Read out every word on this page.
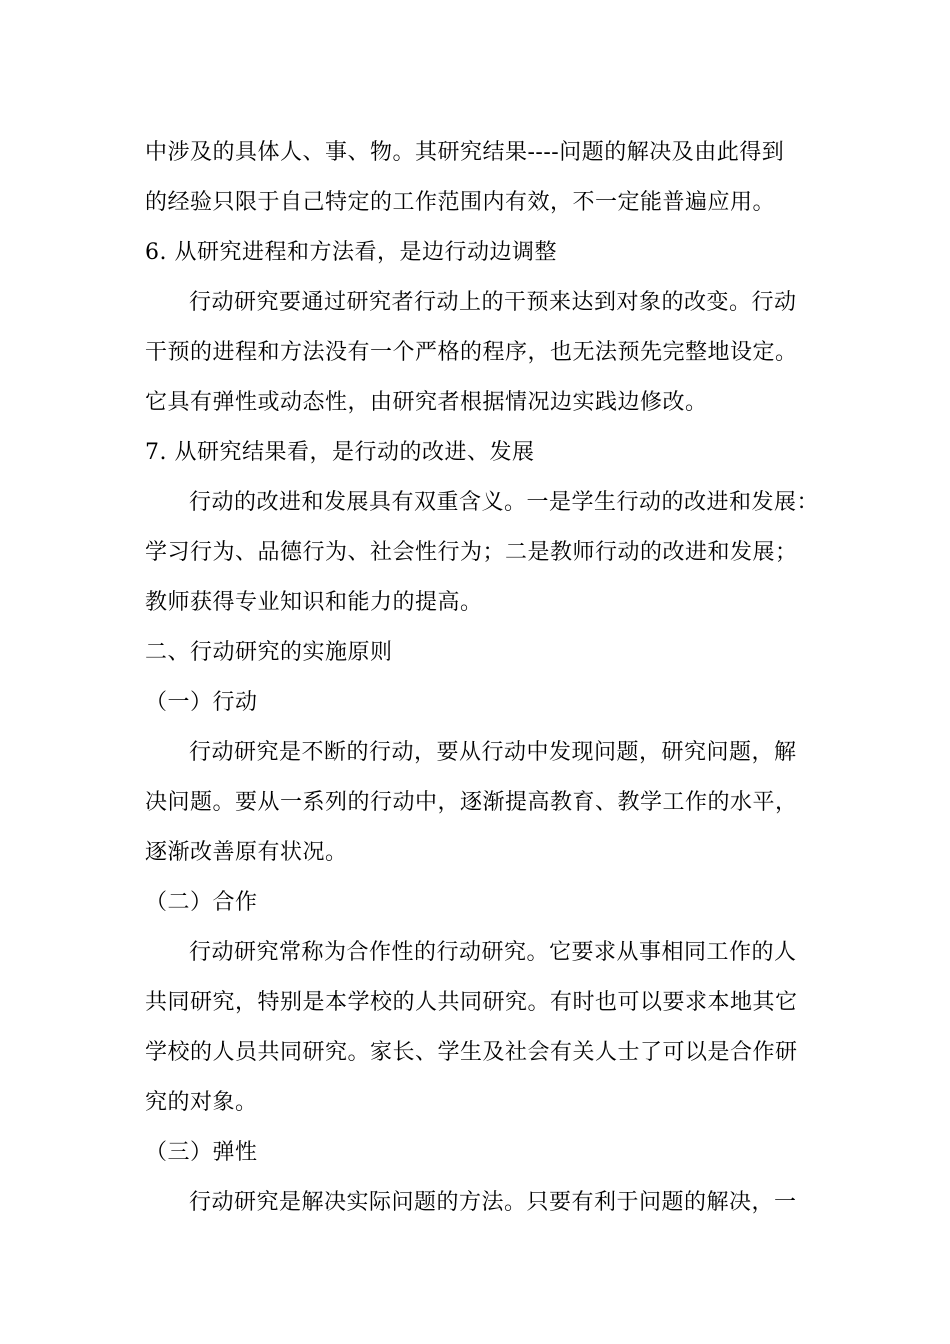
中涉及的具体人、事、物。其研究结果----问题的解决及由此得到
的经验只限于自己特定的工作范围内有效，不一定能普遍应用。
6. 从研究进程和方法看，是边行动边调整
行动研究要通过研究者行动上的干预来达到对象的改变。行动
干预的进程和方法没有一个严格的程序，也无法预先完整地设定。
它具有弹性或动态性，由研究者根据情况边实践边修改。
7. 从研究结果看，是行动的改进、发展
行动的改进和发展具有双重含义。一是学生行动的改进和发展：
学习行为、品德行为、社会性行为；二是教师行动的改进和发展；
教师获得专业知识和能力的提高。
二、行动研究的实施原则
（一）行动
行动研究是不断的行动，要从行动中发现问题，研究问题，解
决问题。要从一系列的行动中，逐渐提高教育、教学工作的水平，
逐渐改善原有状况。
（二）合作
行动研究常称为合作性的行动研究。它要求从事相同工作的人
共同研究，特别是本学校的人共同研究。有时也可以要求本地其它
学校的人员共同研究。家长、学生及社会有关人士了可以是合作研
究的对象。
（三）弹性
行动研究是解决实际问题的方法。只要有利于问题的解决，一
